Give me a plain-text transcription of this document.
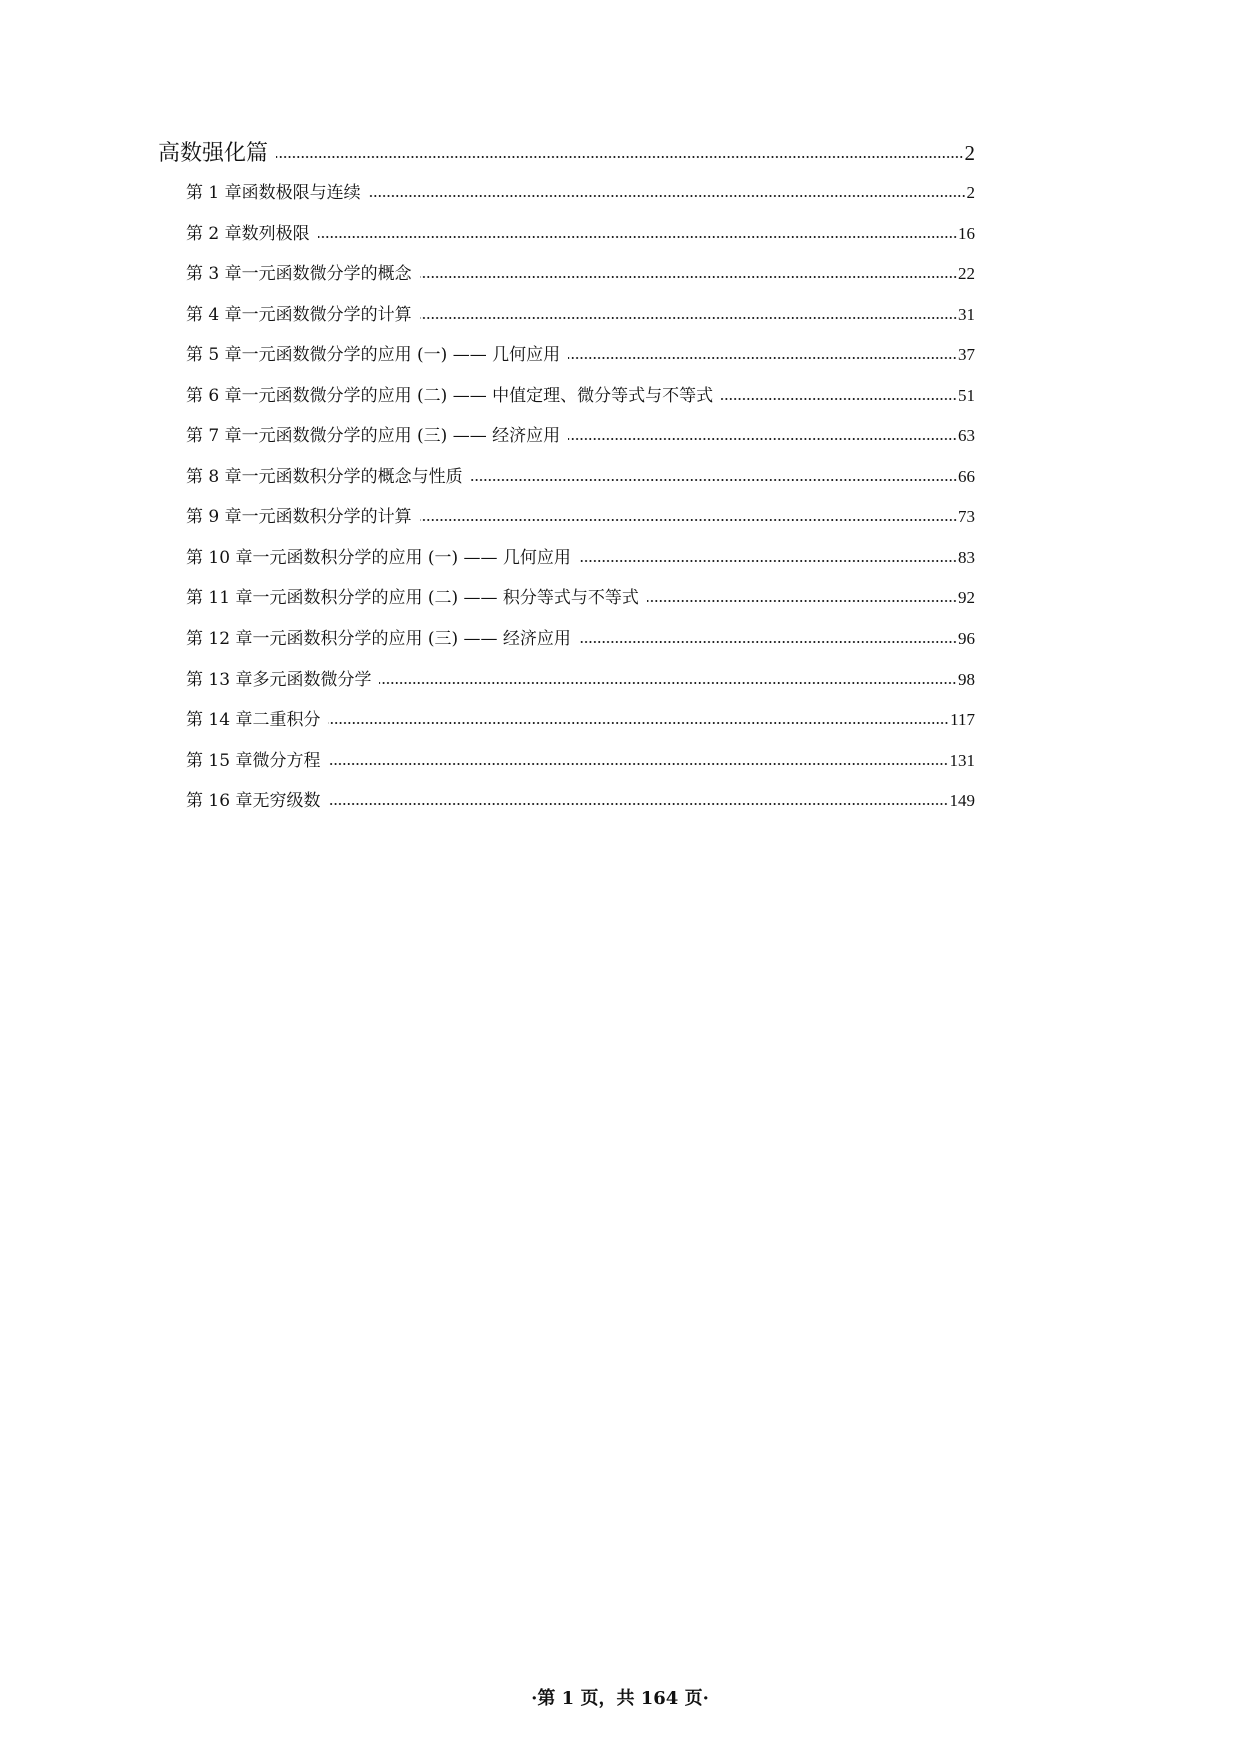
高数强化篇	2
第 1 章函数极限与连续	2
第 2 章数列极限	16
第 3 章一元函数微分学的概念	22
第 4 章一元函数微分学的计算	31
第 5 章一元函数微分学的应用 (一) —— 几何应用	37
第 6 章一元函数微分学的应用 (二) —— 中值定理、微分等式与不等式	51
第 7 章一元函数微分学的应用 (三) —— 经济应用	63
第 8 章一元函数积分学的概念与性质	66
第 9 章一元函数积分学的计算	73
第 10 章一元函数积分学的应用 (一) —— 几何应用	83
第 11 章一元函数积分学的应用 (二) —— 积分等式与不等式	92
第 12 章一元函数积分学的应用 (三) —— 经济应用	96
第 13 章多元函数微分学	98
第 14 章二重积分	117
第 15 章微分方程	131
第 16 章无穷级数	149
·第 1 页，共 164 页·
